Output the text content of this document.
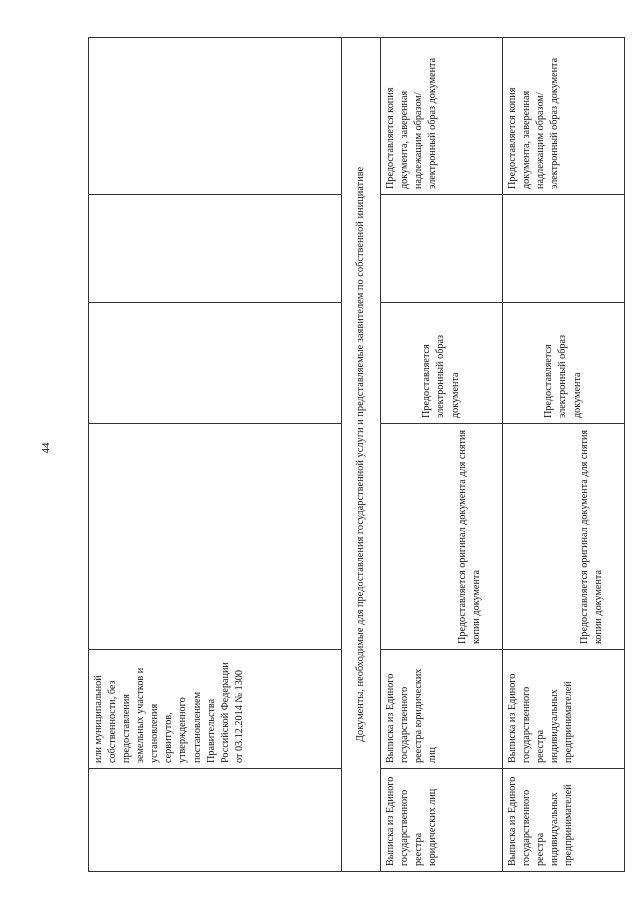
44
	или муниципальной собственности, без предоставления земельных участков и установления сервитутов, утвержденного постановлением Правительства Российской Федерации от 03.12.2014 № 1300				
Документы, необходимые для предоставления государственной услуги и представляемые заявителем по собственной инициативе					
Выписка из Единого государственного реестра юридических лиц	Выписка из Единого государственного реестра юридических лиц	Предоставляется оригинал документа для снятия копии документа	Предоставляется электронный образ документа		Предоставляется копия документа, заверенная надлежащим образом/электронный образ документа
Выписка из Единого государственного реестра индивидуальных предпринимателей	Выписка из Единого государственного реестра индивидуальных предпринимателей	Предоставляется оригинал документа для снятия копии документа	Предоставляется электронный образ документа		Предоставляется копия документа, заверенная надлежащим образом/электронный образ документа
